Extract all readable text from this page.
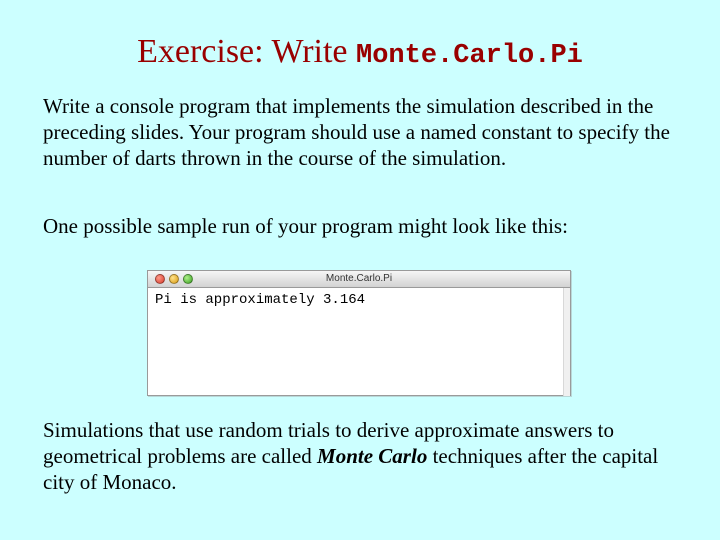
Exercise: Write Monte.Carlo.Pi

Write a console program that implements the simulation described in the preceding slides. Your program should use a named constant to specify the number of darts thrown in the course of the simulation.

One possible sample run of your program might look like this:

Monte.Carlo.Pi
Pi is approximately 3.164

Simulations that use random trials to derive approximate answers to geometrical problems are called Monte Carlo techniques after the capital city of Monaco.
